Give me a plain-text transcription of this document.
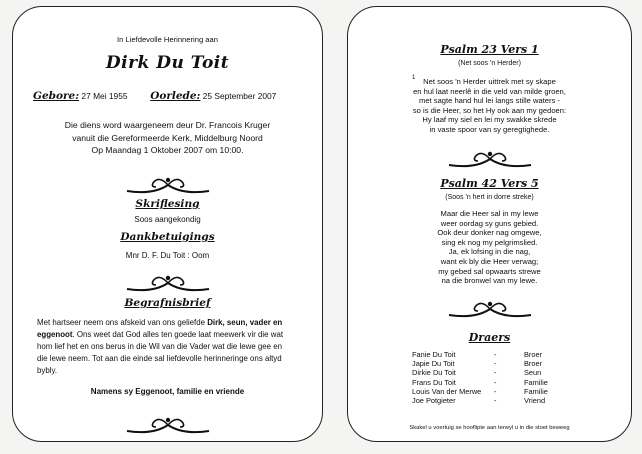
In Liefdevolle Herinnering aan
Dirk Du Toit
Gebore: 27 Mei 1955 Oorlede: 25 September 2007
Die diens word waargeneem deur Dr. Francois Kruger
vanuit die Gereformeerde Kerk, Middelburg Noord
Op Maandag 1 Oktober 2007 om 10:00.
Skriflesing
Soos aangekondig
Dankbetuigings
Mnr D. F. Du Toit : Oom
Begrafnisbrief
Met hartseer neem ons afskeid van ons geliefde Dirk, seun, vader en
eggenoot. Ons weet dat God alles ten goede laat meewerk vir die wat
hom lief het en ons berus in die Wil van die Vader wat die lewe gee en
die lewe neem. Tot aan die einde sal liefdevolle herinneringe ons altyd
bybly.
Namens sy Eggenoot, familie en vriende
Psalm 23 Vers 1
(Net soos 'n Herder)
1	Net soos 'n Herder uittrek met sy skape
en hul laat neerlê in die veld van milde groen,
met sagte hand hul lei langs stille waters -
so is die Heer, so het Hy ook aan my gedoen:
Hy laaf my siel en lei my swakke skrede
in vaste spoor van sy geregtighede.
Psalm 42 Vers 5
(Soos 'n hert in dorre streke)
Maar die Heer sal in my lewe
weer oordag sy guns gebied.
Ook deur donker nag omgewe,
sing ek nog my pelgrimslied.
Ja, ek lofsing in die nag,
want ek bly die Heer verwag;
my gebed sal opwaarts strewe
na die bronwel van my lewe.
Draers
Fanie Du Toit	-	Broer
Japie Du Toit	-	Broer
Dirkie Du Toit	-	Seun
Frans Du Toit	-	Familie
Louis Van der Merwe	-	Familie
Joe Potgieter	-	Vriend
Skakel u voertuig se hooflipte aan terwyl u in die stoet beweeg
